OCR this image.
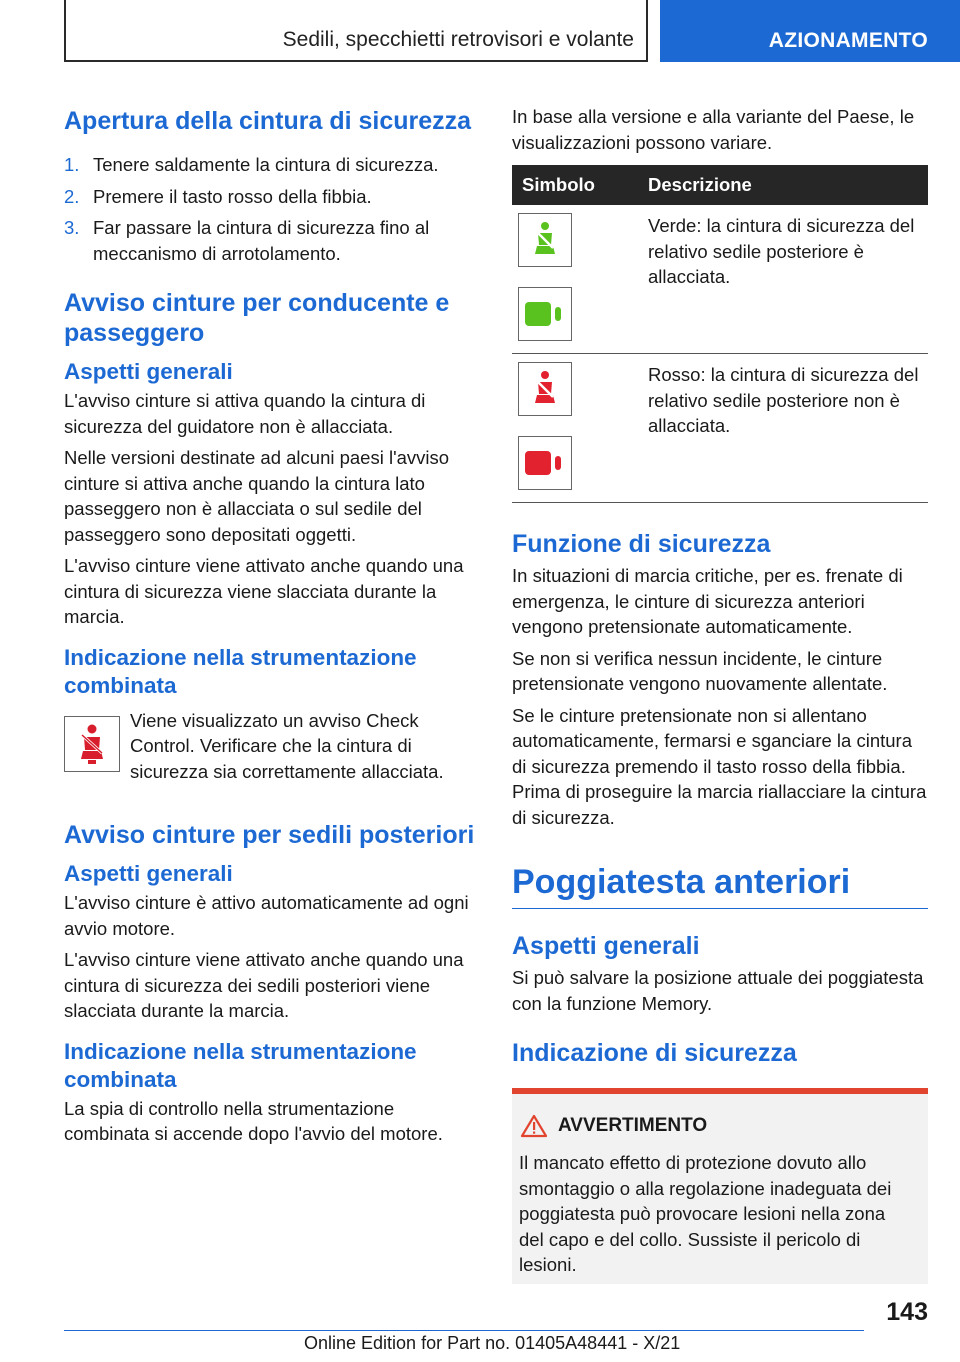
Sedili, specchietti retrovisori e volante	AZIONAMENTO
Apertura della cintura di sicurezza
1. Tenere saldamente la cintura di sicurezza.
2. Premere il tasto rosso della fibbia.
3. Far passare la cintura di sicurezza fino al meccanismo di arrotolamento.
Avviso cinture per conducente e passeggero
Aspetti generali

L'avviso cinture si attiva quando la cintura di sicurezza del guidatore non è allacciata.

Nelle versioni destinate ad alcuni paesi l'avviso cinture si attiva anche quando la cintura lato passeggero non è allacciata o sul sedile del passeggero sono depositati oggetti.

L'avviso cinture viene attivato anche quando una cintura di sicurezza viene slacciata durante la marcia.

Indicazione nella strumentazione combinata

Viene visualizzato un avviso Check Control. Verificare che la cintura di sicurezza sia correttamente allacciata.

Avviso cinture per sedili posteriori
Aspetti generali

L'avviso cinture è attivo automaticamente ad ogni avvio motore.

L'avviso cinture viene attivato anche quando una cintura di sicurezza dei sedili posteriori viene slacciata durante la marcia.

Indicazione nella strumentazione combinata

La spia di controllo nella strumentazione combinata si accende dopo l'avvio del motore.

In base alla versione e alla variante del Paese, le visualizzazioni possono variare.

Simbolo	Descrizione

	Verde: la cintura di sicurezza del relativo sedile posteriore è allacciata.

	Rosso: la cintura di sicurezza del relativo sedile posteriore non è allacciata.
Funzione di sicurezza

In situazioni di marcia critiche, per es. frenate di emergenza, le cinture di sicurezza anteriori vengono pretensionate automaticamente.

Se non si verifica nessun incidente, le cinture pretensionate vengono nuovamente allentate.

Se le cinture pretensionate non si allentano automaticamente, fermarsi e sganciare la cintura di sicurezza premendo il tasto rosso della fibbia. Prima di proseguire la marcia riallacciare la cintura di sicurezza.

Poggiatesta anteriori
Aspetti generali

Si può salvare la posizione attuale dei poggiatesta con la funzione Memory.

Indicazione di sicurezza
AVVERTIMENTO

Il mancato effetto di protezione dovuto allo smontaggio o alla regolazione inadeguata dei poggiatesta può provocare lesioni nella zona del capo e del collo. Sussiste il pericolo di lesioni.

143
Online Edition for Part no. 01405A48441 - X/21
